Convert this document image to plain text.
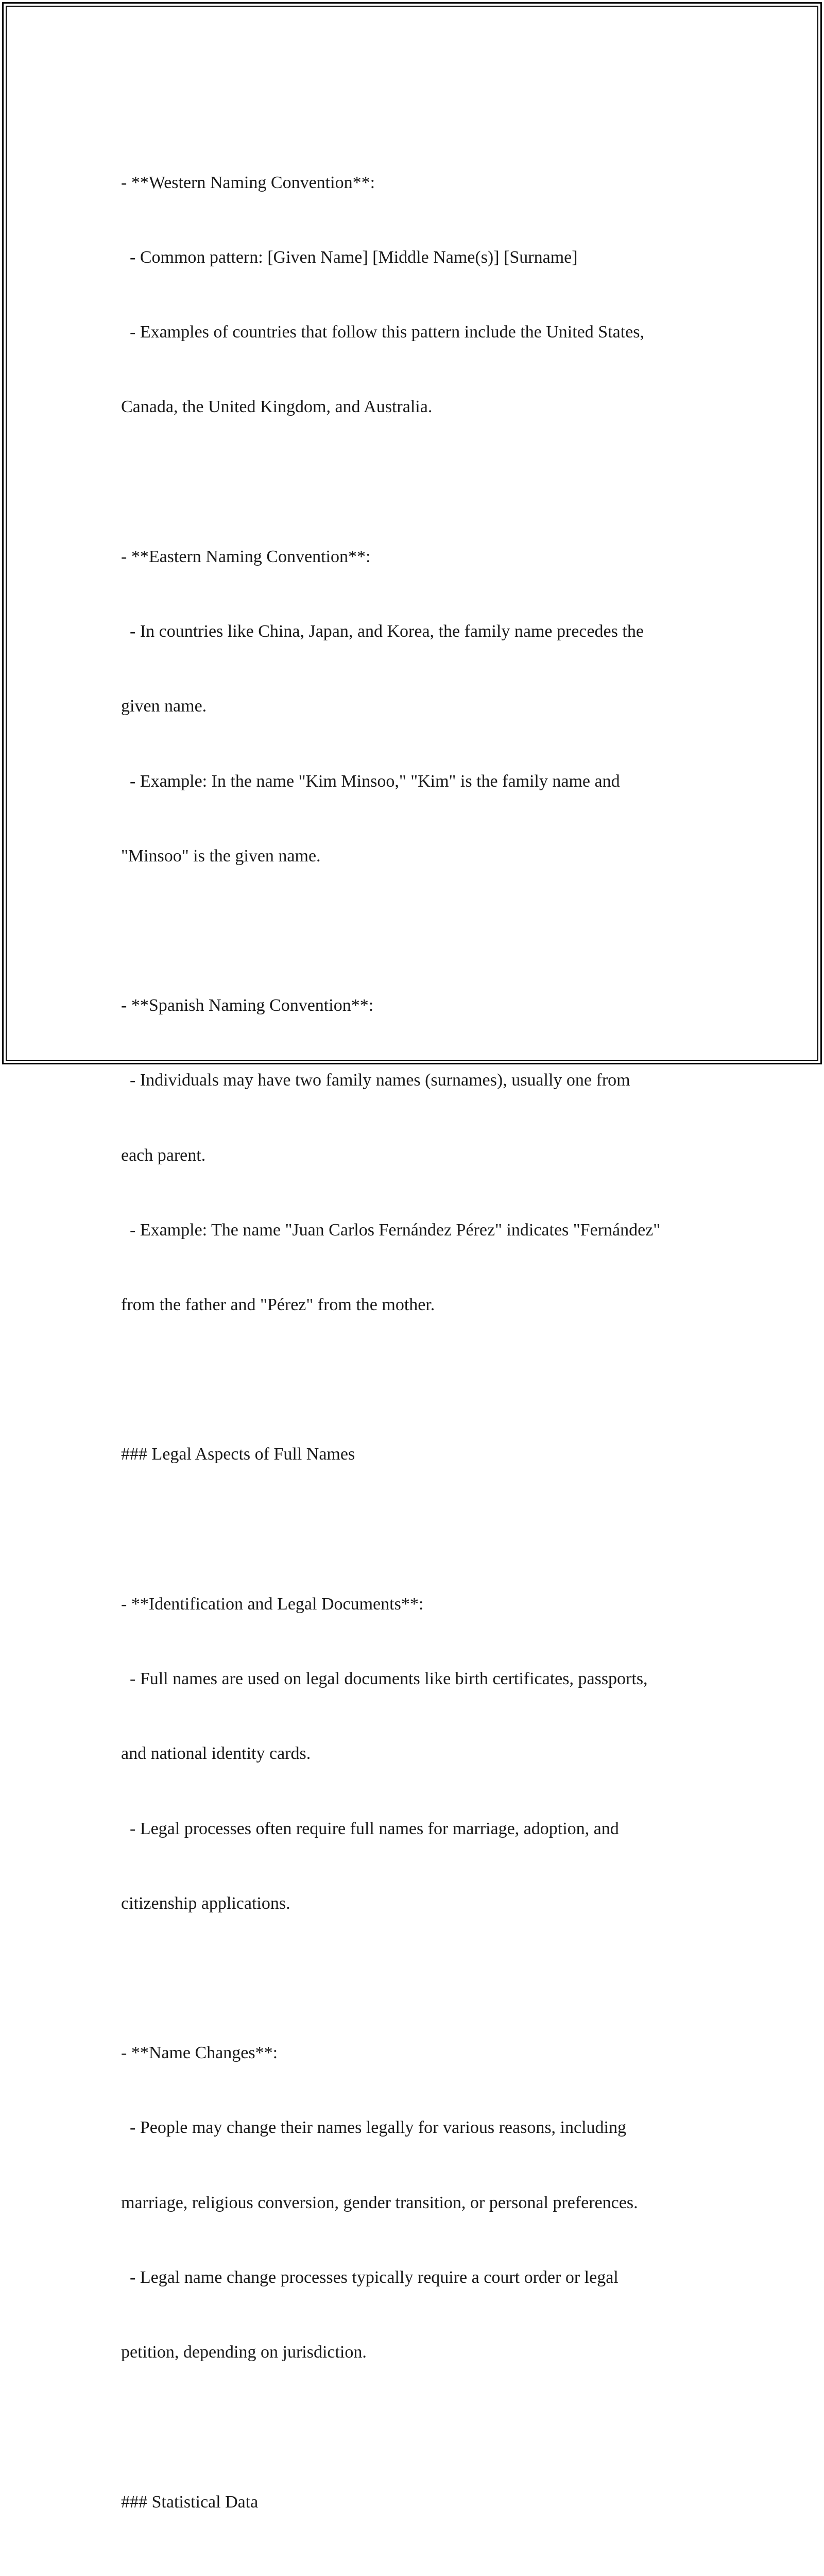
- **Western Naming Convention**:

- Common pattern: [Given Name] [Middle Name(s)] [Surname]

- Examples of countries that follow this pattern include the United States,

Canada, the United Kingdom, and Australia.

- **Eastern Naming Convention**:

- In countries like China, Japan, and Korea, the family name precedes the

given name.

- Example: In the name "Kim Minsoo," "Kim" is the family name and

"Minsoo" is the given name.

- **Spanish Naming Convention**:

- Individuals may have two family names (surnames), usually one from

each parent.

- Example: The name "Juan Carlos Fernández Pérez" indicates "Fernández"

from the father and "Pérez" from the mother.

### Legal Aspects of Full Names

- **Identification and Legal Documents**:

- Full names are used on legal documents like birth certificates, passports,

and national identity cards.

- Legal processes often require full names for marriage, adoption, and

citizenship applications.

- **Name Changes**:

- People may change their names legally for various reasons, including

marriage, religious conversion, gender transition, or personal preferences.

- Legal name change processes typically require a court order or legal

petition, depending on jurisdiction.

### Statistical Data
